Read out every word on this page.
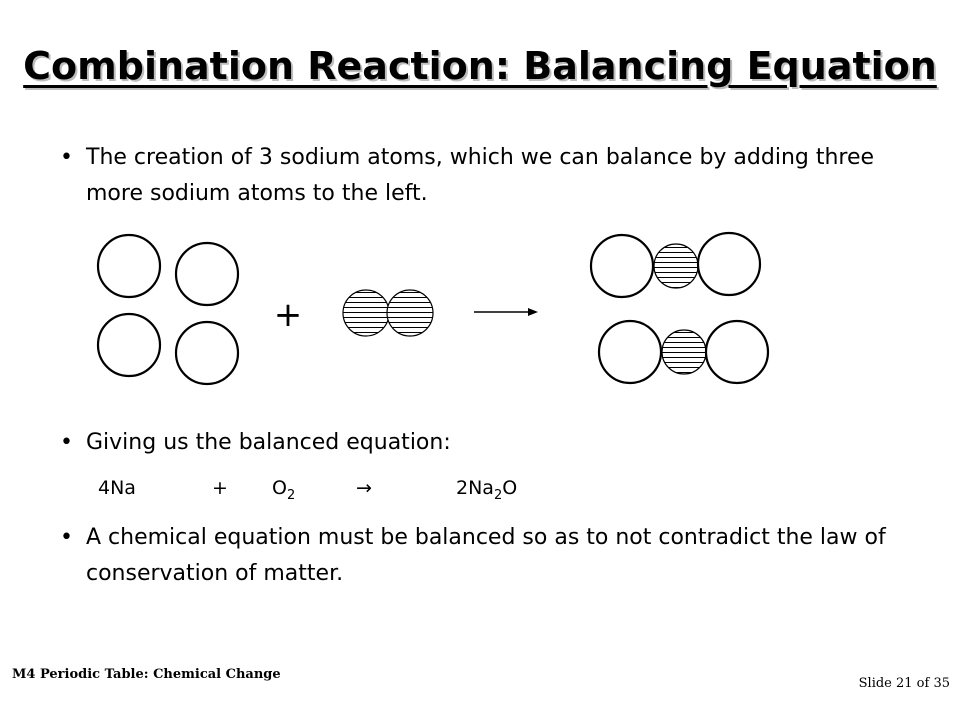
Combination Reaction: Balancing Equation
• The creation of 3 sodium atoms, which we can balance by adding three more sodium atoms to the left.
+
• Giving us the balanced equation:
4Na	+ $O_2$	→	$2Na_2O$
• A chemical equation must be balanced so as to not contradict the law of conservation of matter.
M4 Periodic Table: Chemical Change
Slide 21 of 35
